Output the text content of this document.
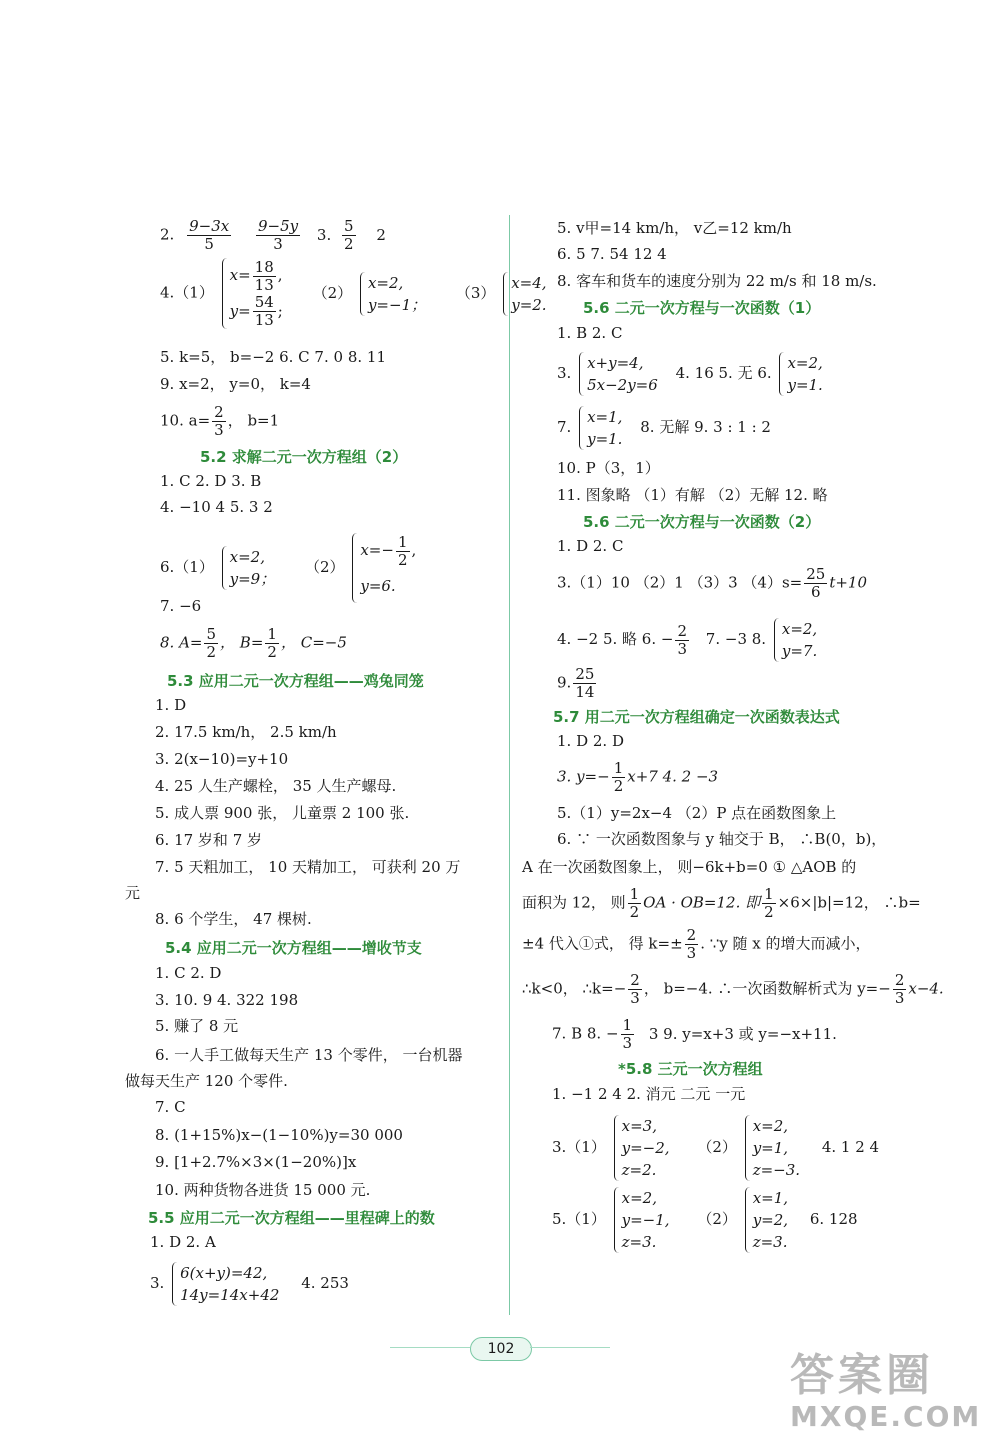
2. $\frac{9-3x}{5}$
$\frac{9-5y}{3} 3$. $\frac{5}{2} 2$
4.（1）
$x= \frac{18}{13}$ ,
$y= \frac{54}{13}$ ;
（2）
x=2,
y=−1；
（3）
x=4,
y=2.
5. k=5， b=−2 6. C 7. 0 8. 11
9. x=2， y=0， k=4
10. $a= \frac{2}{3}$ ， b=1
5.2 求解二元一次方程组（2）
1. C 2. D 3. B
4. −10 4 5. 3 2
6.（1）
x=2,
y=9；
（2）
$x=- \frac{1}{2}$ ,
y=6.
7. −6
8. $A= \frac{5}{2}$ ， $B= \frac{1}{2}$ ， C=−5
5.3 应用二元一次方程组——鸡兔同笼
1. D
2. 17.5 km/h， 2.5 km/h
3. 2(x−10)=y+10
4. 25 人生产螺栓， 35 人生产螺母.
5. 成人票 900 张， 儿童票 2 100 张.
6. 17 岁和 7 岁
7. 5 天粗加工， 10 天精加工， 可获利 20 万
元
8. 6 个学生， 47 棵树.
5.4 应用二元一次方程组——增收节支
1. C 2. D
3. 10. 9 4. 322 198
5. 赚了 8 元
6. 一人手工做每天生产 13 个零件， 一台机器
做每天生产 120 个零件.
7. C
8. (1+15%)x−(1−10%)y=30 000
9. [1+2.7%×3×(1−20%)]x
10. 两种货物各进货 15 000 元.
5.5 应用二元一次方程组——里程碑上的数
1. D 2. A
3.
6(x+y)=42,
14y=14x+42
4. 253
5. v甲=14 km/h， v乙=12 km/h
6. 5 7. 54 12 4
8. 客车和货车的速度分别为 22 m/s 和 18 m/s.
5.6 二元一次方程与一次函数（1）
1. B 2. C
3.
x+y=4,
5x−2y=6
4. 16 5. 无 6.
x=2,
y=1.
7.
x=1,
y=1.
8. 无解 9. 3 : 1 : 2
10. P（3，1）
11. 图象略 （1）有解 （2）无解 12. 略
5.6 二元一次方程与一次函数（2）
1. D 2. C
3.（1）10 （2）1 （3）3 $(4)s= \frac{25}{6} t+10$
4. −2 5. 略 6. − $\frac{2}{3} 7$. −3 8.
x=2,
y=7.
9. $\frac{25}{14}$
5.7 用二元一次方程组确定一次函数表达式
1. D 2. D
3. $y=- \frac{1}{2} x+7$ 4. 2 −3
5.（1）y=2x−4 （2）P 点在函数图象上
6. ∵ 一次函数图象与 y 轴交于 B， ∴B(0，b)，
A 在一次函数图象上， 则−6k+b=0 ① △AOB 的
面积为 12， 则 $\frac{1}{2}$ OA · OB=12. 即 $\frac{1}{2} \times 6\times|b|=12$， ∴b=
±4 代入①式， 得 $k=\pm \frac{2}{3}$ . ∵y 随 x 的增大而减小，
∴k<0， ∴k=− $\frac{2}{3}$ ， b=−4. ∴一次函数解析式为 $y=- \frac{2}{3} x-4$.
7. B 8. − $\frac{1}{3} 3$ 9. y=x+3 或 y=−x+11.
*5.8 三元一次方程组
1. −1 2 4 2. 消元 二元 一元
3.（1）
x=3,
y=−2,
z=2.
（2）
x=2,
y=1,
z=−3.
4. 1 2 4
5.（1）
x=2,
y=−1,
z=3.
（2）
x=1,
y=2,
z=3.
6. 128
102
答案圈
MXQE.COM
